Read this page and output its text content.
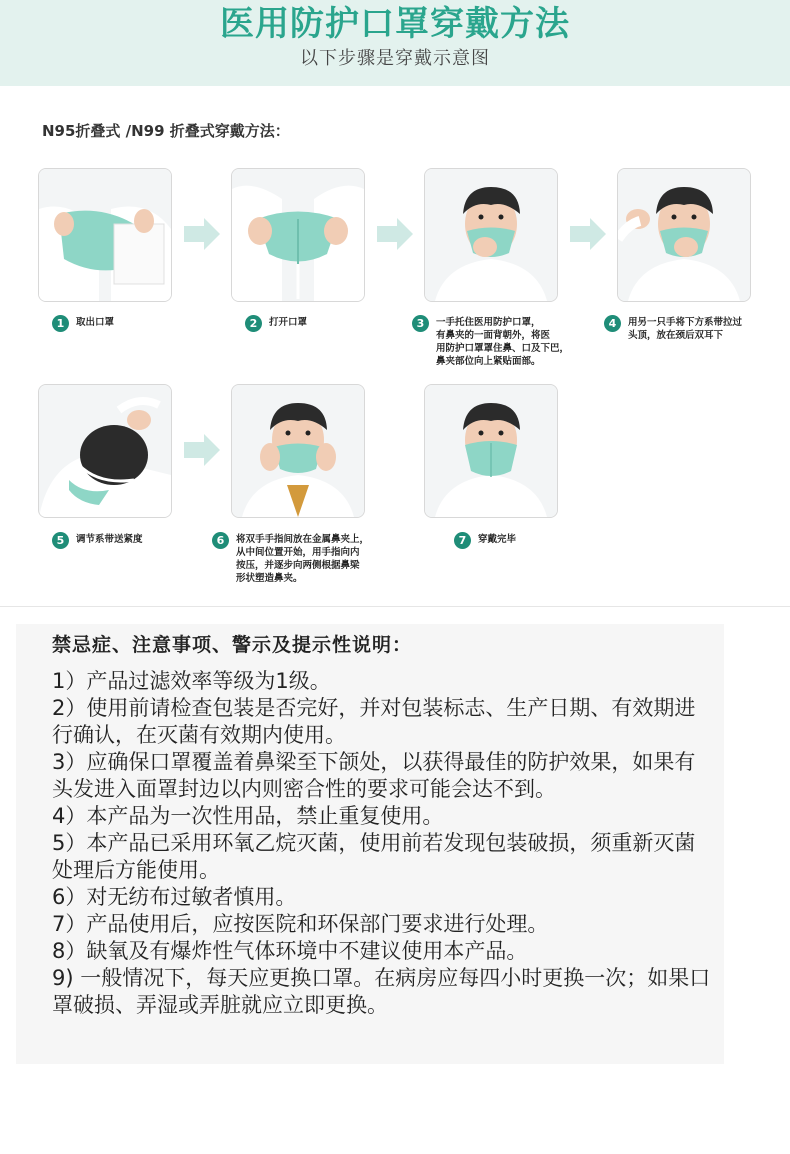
医用防护口罩穿戴方法
以下步骤是穿戴示意图
N95折叠式 /N99 折叠式穿戴方法：
1	取出口罩	2	打开口罩	3	一手托住医用防护口罩，
有鼻夹的一面背朝外，将医
用防护口罩罩住鼻、口及下巴，
鼻夹部位向上紧贴面部。
4	用另一只手将下方系带拉过
头顶，放在颈后双耳下
5	调节系带送紧度	6	将双手手指间放在金属鼻夹上，
从中间位置开始，用手指向内
按压，并逐步向两侧根据鼻梁
形状塑造鼻夹。
7	穿戴完毕
禁忌症、注意事项、警示及提示性说明：
1）产品过滤效率等级为1级。
2）使用前请检查包装是否完好，并对包装标志、生产日期、有效期进行确认，在灭菌有效期内使用。
3）应确保口罩覆盖着鼻梁至下颌处，以获得最佳的防护效果，如果有头发进入面罩封边以内则密合性的要求可能会达不到。
4）本产品为一次性用品，禁止重复使用。
5）本产品已采用环氧乙烷灭菌，使用前若发现包装破损，须重新灭菌处理后方能使用。
6）对无纺布过敏者慎用。
7）产品使用后，应按医院和环保部门要求进行处理。
8）缺氧及有爆炸性气体环境中不建议使用本产品。
9) 一般情况下，每天应更换口罩。在病房应每四小时更换一次；如果口罩破损、弄湿或弄脏就应立即更换。
